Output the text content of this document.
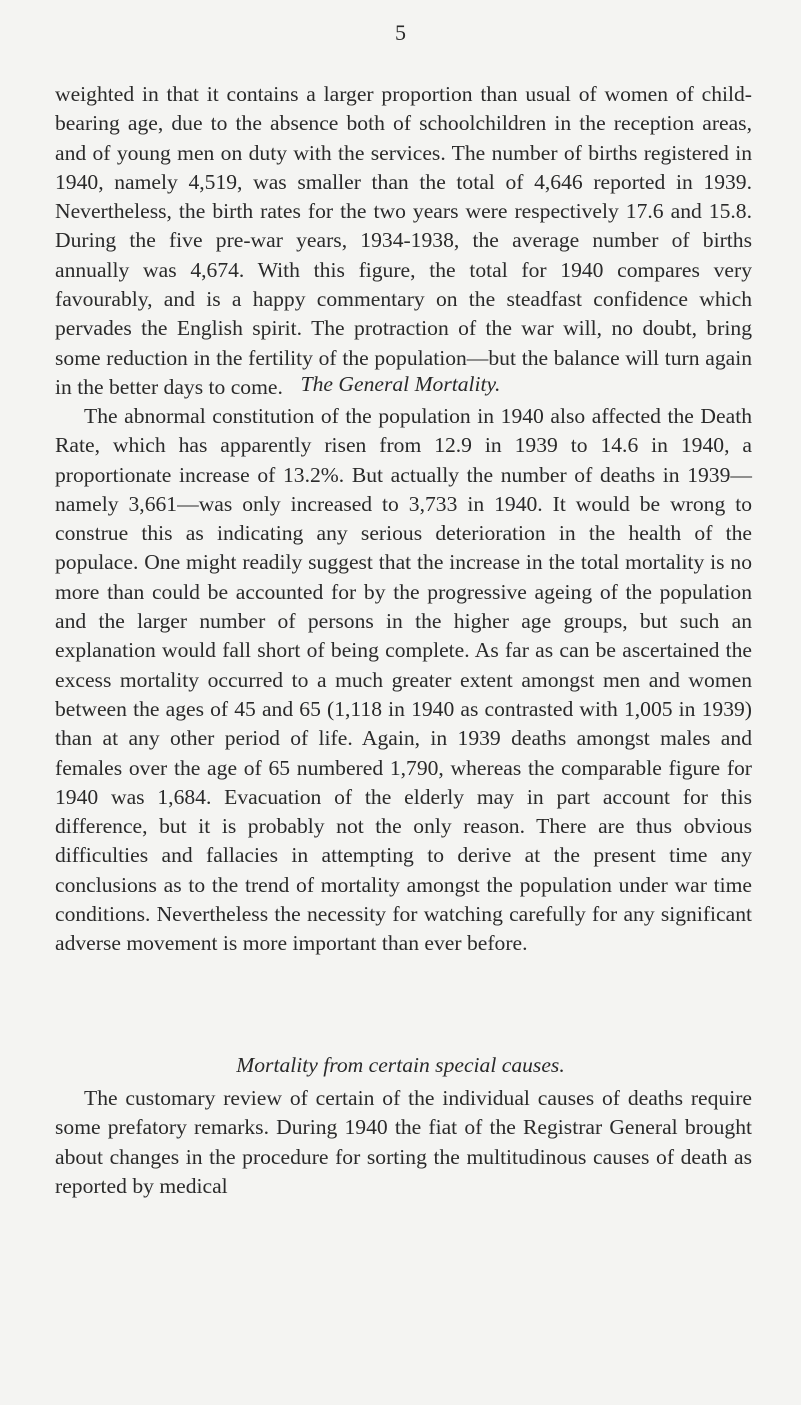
5

weighted in that it contains a larger proportion than usual of women of child-bearing age, due to the absence both of schoolchildren in the reception areas, and of young men on duty with the services. The number of births registered in 1940, namely 4,519, was smaller than the total of 4,646 reported in 1939. Nevertheless, the birth rates for the two years were respectively 17.6 and 15.8. During the five pre-war years, 1934-1938, the average number of births annually was 4,674. With this figure, the total for 1940 compares very favourably, and is a happy commentary on the steadfast confidence which pervades the English spirit. The protraction of the war will, no doubt, bring some reduction in the fertility of the population—but the balance will turn again in the better days to come. The General Mortality.

The abnormal constitution of the population in 1940 also affected the Death Rate, which has apparently risen from 12.9 in 1939 to 14.6 in 1940, a proportionate increase of 13.2%. But actually the number of deaths in 1939—namely 3,661—was only increased to 3,733 in 1940. It would be wrong to construe this as indicating any serious deterioration in the health of the populace. One might readily suggest that the increase in the total mortality is no more than could be accounted for by the progressive ageing of the population and the larger number of persons in the higher age groups, but such an explanation would fall short of being complete. As far as can be ascertained the excess mortality occurred to a much greater extent amongst men and women between the ages of 45 and 65 (1,118 in 1940 as contrasted with 1,005 in 1939) than at any other period of life. Again, in 1939 deaths amongst males and females over the age of 65 numbered 1,790, whereas the comparable figure for 1940 was 1,684. Evacuation of the elderly may in part account for this difference, but it is probably not the only reason. There are thus obvious difficulties and fallacies in attempting to derive at the present time any conclusions as to the trend of mortality amongst the population under war time conditions. Nevertheless the necessity for watching carefully for any significant adverse movement is more important than ever before.

Mortality from certain special causes.

The customary review of certain of the individual causes of deaths require some prefatory remarks. During 1940 the fiat of the Registrar General brought about changes in the procedure for sorting the multitudinous causes of death as reported by medical
